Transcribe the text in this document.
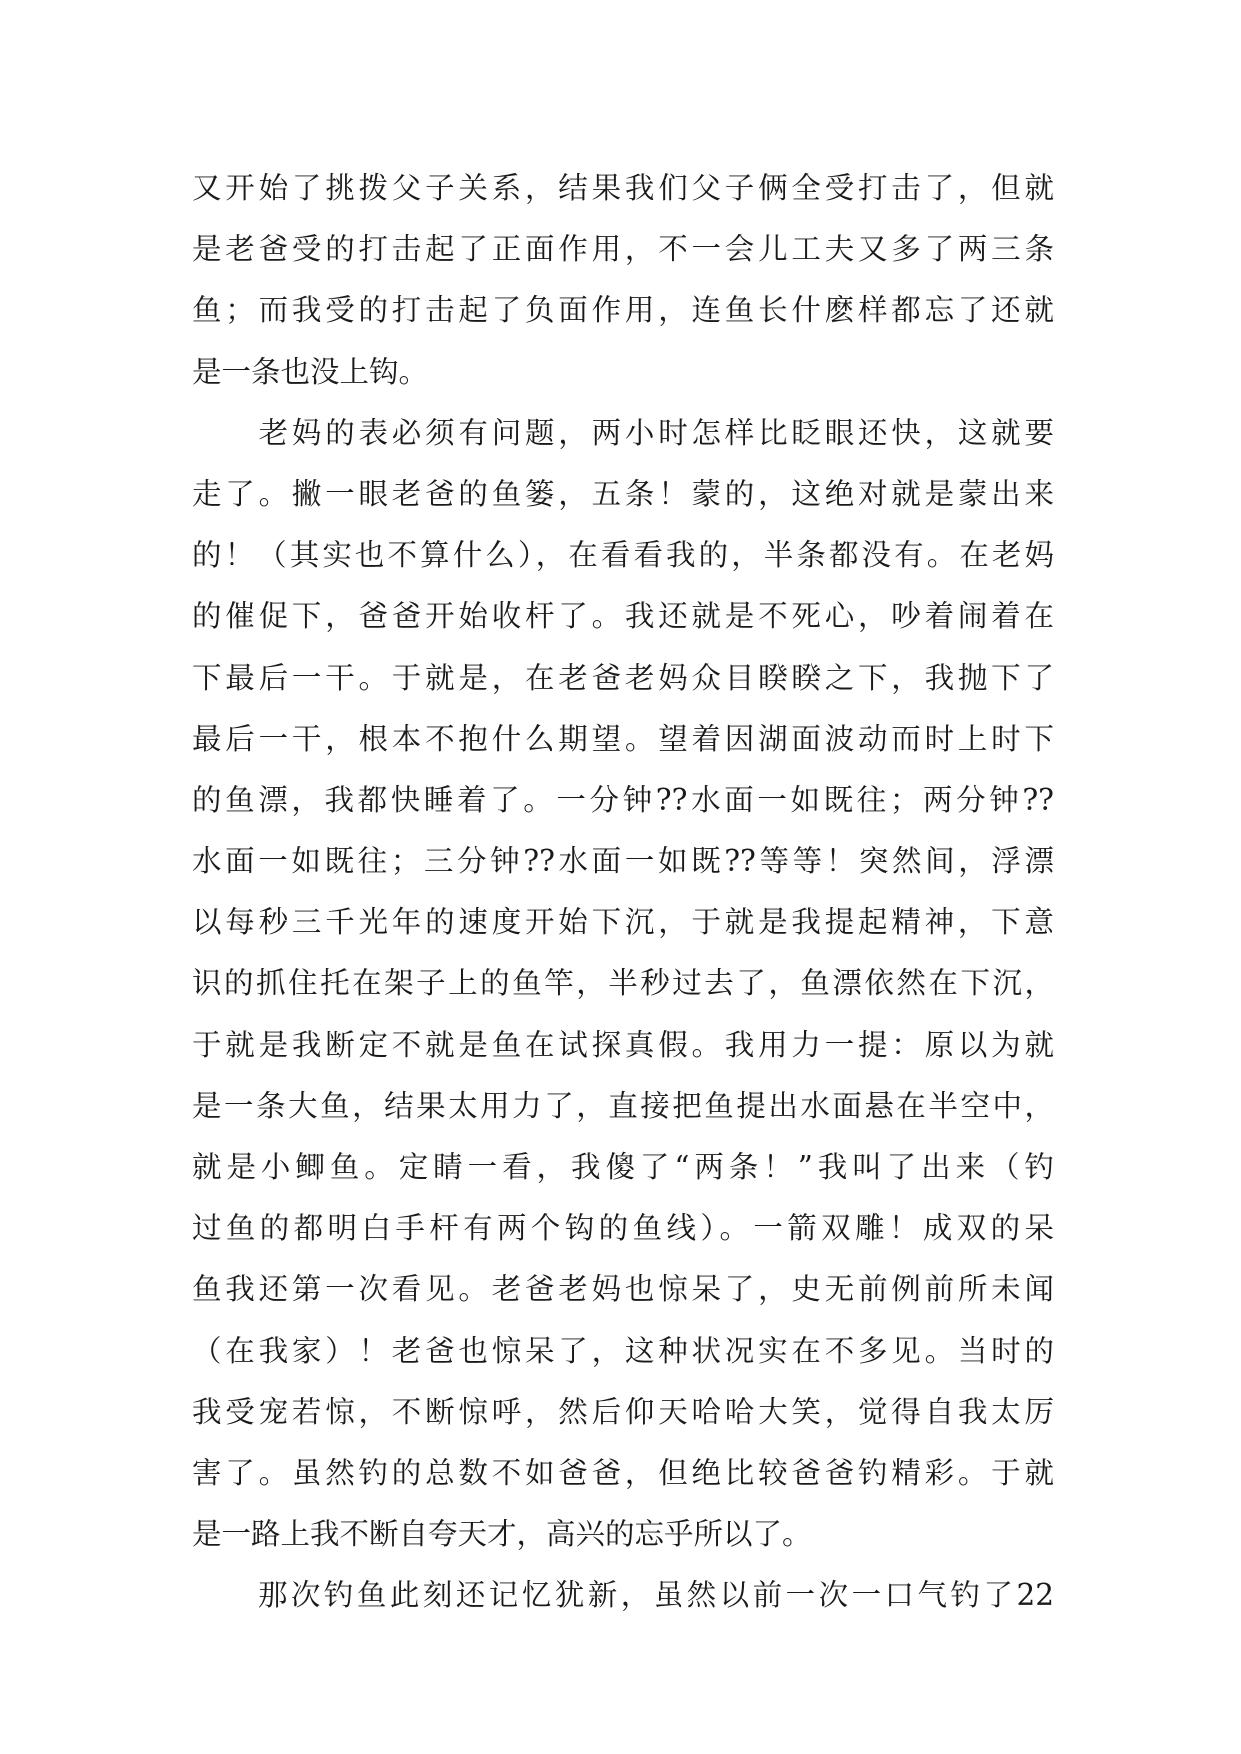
又开始了挑拨父子关系，结果我们父子俩全受打击了，但就
是老爸受的打击起了正面作用，不一会儿工夫又多了两三条
鱼；而我受的打击起了负面作用，连鱼长什麽样都忘了还就
是一条也没上钩。
　　老妈的表必须有问题，两小时怎样比眨眼还快，这就要
走了。撇一眼老爸的鱼篓，五条！蒙的，这绝对就是蒙出来
的！（其实也不算什么），在看看我的，半条都没有。在老妈
的催促下，爸爸开始收杆了。我还就是不死心，吵着闹着在
下最后一干。于就是，在老爸老妈众目睽睽之下，我抛下了
最后一干，根本不抱什么期望。望着因湖面波动而时上时下
的鱼漂，我都快睡着了。一分钟??水面一如既往；两分钟??
水面一如既往；三分钟??水面一如既??等等！突然间，浮漂
以每秒三千光年的速度开始下沉，于就是我提起精神，下意
识的抓住托在架子上的鱼竿，半秒过去了，鱼漂依然在下沉，
于就是我断定不就是鱼在试探真假。我用力一提：原以为就
是一条大鱼，结果太用力了，直接把鱼提出水面悬在半空中，
就是小鲫鱼。定睛一看，我傻了“两条！”我叫了出来（钓
过鱼的都明白手杆有两个钩的鱼线）。一箭双雕！成双的呆
鱼我还第一次看见。老爸老妈也惊呆了，史无前例前所未闻
（在我家）！老爸也惊呆了，这种状况实在不多见。当时的
我受宠若惊，不断惊呼，然后仰天哈哈大笑，觉得自我太厉
害了。虽然钓的总数不如爸爸，但绝比较爸爸钓精彩。于就
是一路上我不断自夸天才，高兴的忘乎所以了。
　　那次钓鱼此刻还记忆犹新，虽然以前一次一口气钓了22
